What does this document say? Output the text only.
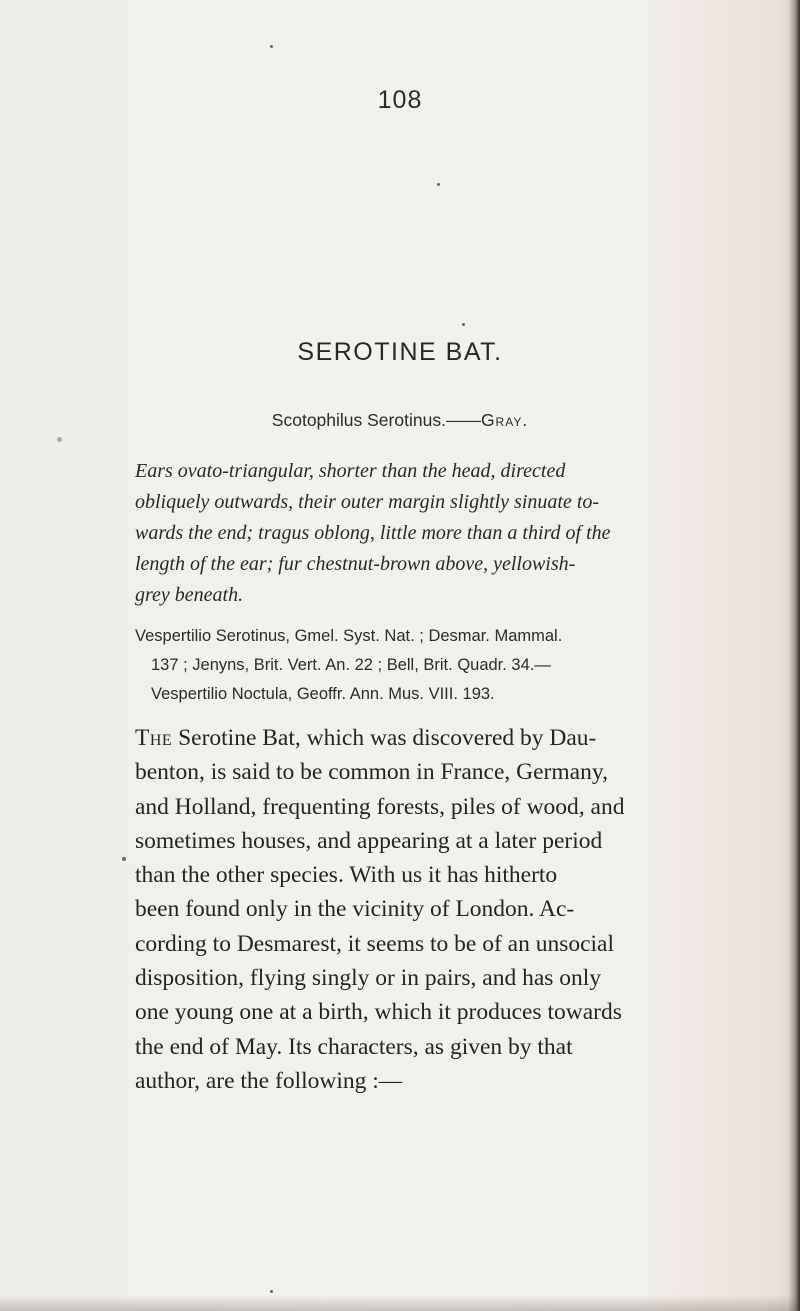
108
SEROTINE BAT.
Scotophilus Serotinus.——Gray.
Ears ovato-triangular, shorter than the head, directed
obliquely outwards, their outer margin slightly sinuate to-
wards the end; tragus oblong, little more than a third of the
length of the ear; fur chestnut-brown above, yellowish-
grey beneath.
Vespertilio Serotinus, Gmel. Syst. Nat. ; Desmar. Mammal.
137 ; Jenyns, Brit. Vert. An. 22 ; Bell, Brit. Quadr. 34.—
Vespertilio Noctula, Geoffr. Ann. Mus. VIII. 193.
The Serotine Bat, which was discovered by Dau-
benton, is said to be common in France, Germany,
and Holland, frequenting forests, piles of wood, and
sometimes houses, and appearing at a later period
than the other species. With us it has hitherto
been found only in the vicinity of London. Ac-
cording to Desmarest, it seems to be of an unsocial
disposition, flying singly or in pairs, and has only
one young one at a birth, which it produces towards
the end of May. Its characters, as given by that
author, are the following :—
